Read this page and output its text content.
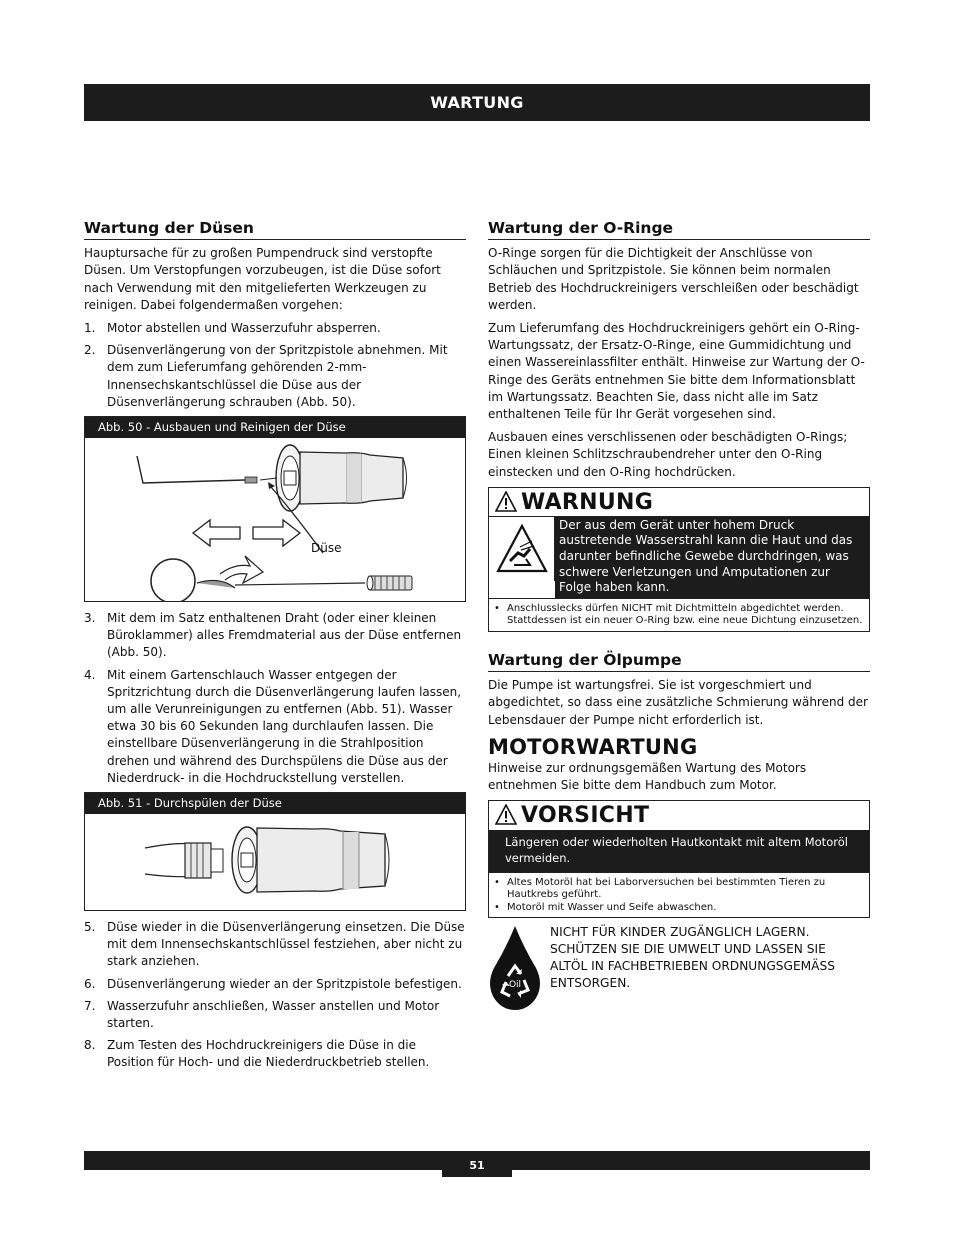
WARTUNG
Wartung der Düsen

Hauptursache für zu großen Pumpendruck sind verstopfte Düsen. Um Verstopfungen vorzubeugen, ist die Düse sofort nach Verwendung mit den mitgelieferten Werkzeugen zu reinigen. Dabei folgendermaßen vorgehen:

1. Motor abstellen und Wasserzufuhr absperren.
2. Düsenverlängerung von der Spritzpistole abnehmen. Mit dem zum Lieferumfang gehörenden 2-mm-Innensechskantschlüssel die Düse aus der Düsenverlängerung schrauben (Abb. 50).
Abb. 50 - Ausbauen und Reinigen der Düse
Düse
3. Mit dem im Satz enthaltenen Draht (oder einer kleinen Büroklammer) alles Fremdmaterial aus der Düse entfernen (Abb. 50).
4. Mit einem Gartenschlauch Wasser entgegen der Spritzrichtung durch die Düsenverlängerung laufen lassen, um alle Verunreinigungen zu entfernen (Abb. 51). Wasser etwa 30 bis 60 Sekunden lang durchlaufen lassen. Die einstellbare Düsenverlängerung in die Strahlposition drehen und während des Durchspülens die Düse aus der Niederdruck- in die Hochdruckstellung verstellen.
Abb. 51 - Durchspülen der Düse
5. Düse wieder in die Düsenverlängerung einsetzen. Die Düse mit dem Innensechskantschlüssel festziehen, aber nicht zu stark anziehen.
6. Düsenverlängerung wieder an der Spritzpistole befestigen.
7. Wasserzufuhr anschließen, Wasser anstellen und Motor starten.
8. Zum Testen des Hochdruckreinigers die Düse in die Position für Hoch- und die Niederdruckbetrieb stellen.
Wartung der O-Ringe

O-Ringe sorgen für die Dichtigkeit der Anschlüsse von Schläuchen und Spritzpistole. Sie können beim normalen Betrieb des Hochdruckreinigers verschleißen oder beschädigt werden.

Zum Lieferumfang des Hochdruckreinigers gehört ein O-Ring-Wartungssatz, der Ersatz-O-Ringe, eine Gummidichtung und einen Wassereinlassfilter enthält. Hinweise zur Wartung der O-Ringe des Geräts entnehmen Sie bitte dem Informationsblatt im Wartungssatz. Beachten Sie, dass nicht alle im Satz enthaltenen Teile für Ihr Gerät vorgesehen sind.

Ausbauen eines verschlissenen oder beschädigten O-Rings; Einen kleinen Schlitzschraubendreher unter den O-Ring einstecken und den O-Ring hochdrücken.

WARNUNG
Der aus dem Gerät unter hohem Druck austretende Wasserstrahl kann die Haut und das darunter befindliche Gewebe durchdringen, was schwere Verletzungen und Amputationen zur Folge haben kann.
• Anschlusslecks dürfen NICHT mit Dichtmitteln abgedichtet werden. Stattdessen ist ein neuer O-Ring bzw. eine neue Dichtung einzusetzen.
Wartung der Ölpumpe

Die Pumpe ist wartungsfrei. Sie ist vorgeschmiert und abgedichtet, so dass eine zusätzliche Schmierung während der Lebensdauer der Pumpe nicht erforderlich ist.

MOTORWARTUNG

Hinweise zur ordnungsgemäßen Wartung des Motors entnehmen Sie bitte dem Handbuch zum Motor.

VORSICHT
Längeren oder wiederholten Hautkontakt mit altem Motoröl vermeiden.
• Altes Motoröl hat bei Laborversuchen bei bestimmten Tieren zu Hautkrebs geführt.
• Motoröl mit Wasser und Seife abwaschen.
Oil
NICHT FÜR KINDER ZUGÄNGLICH LAGERN.
SCHÜTZEN SIE DIE UMWELT UND LASSEN SIE
ALTÖL IN FACHBETRIEBEN ORDNUNGSGEMÄSS
ENTSORGEN.
51
